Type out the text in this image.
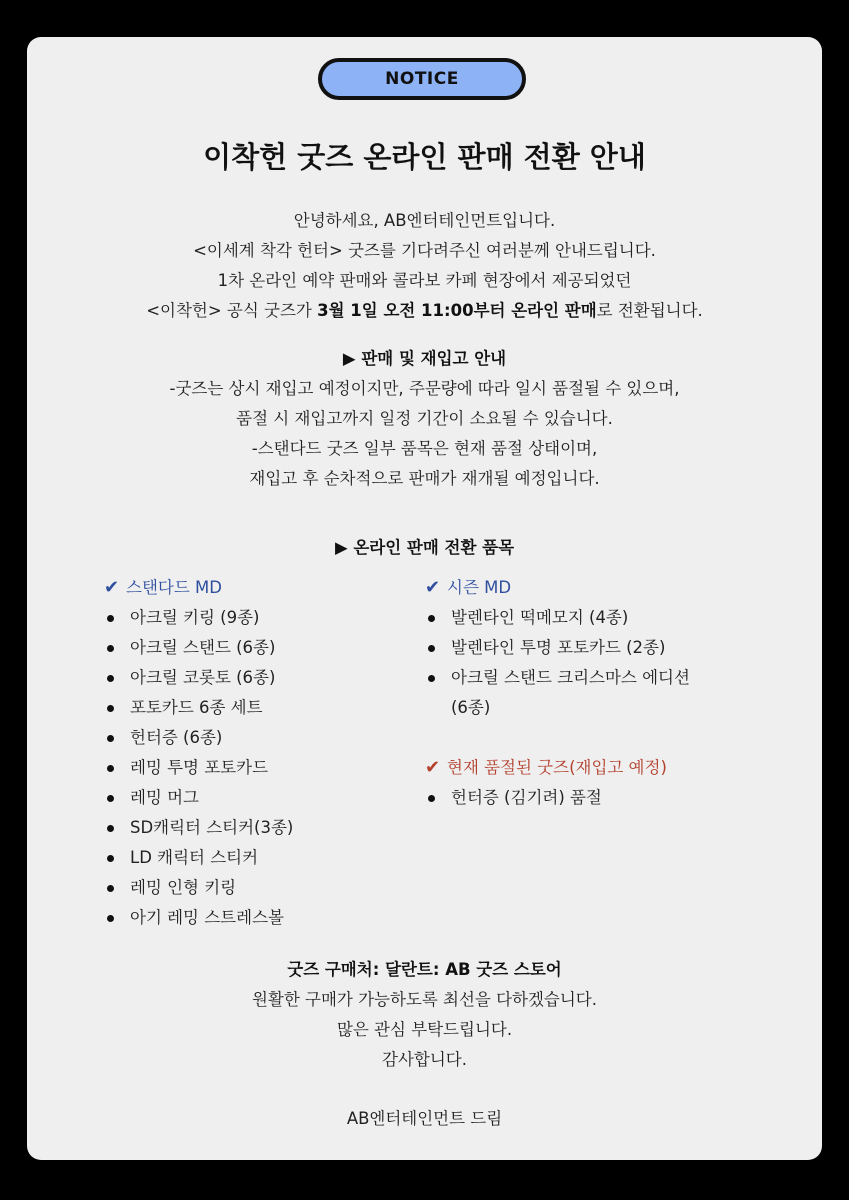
NOTICE
이착헌 굿즈 온라인 판매 전환 안내
안녕하세요, AB엔터테인먼트입니다.
<이세계 착각 헌터> 굿즈를 기다려주신 여러분께 안내드립니다.
1차 온라인 예약 판매와 콜라보 카페 현장에서 제공되었던
<이착헌> 공식 굿즈가 3월 1일 오전 11:00부터 온라인 판매로 전환됩니다.
▶ 판매 및 재입고 안내
-굿즈는 상시 재입고 예정이지만, 주문량에 따라 일시 품절될 수 있으며,
품절 시 재입고까지 일정 기간이 소요될 수 있습니다.
-스탠다드 굿즈 일부 품목은 현재 품절 상태이며,
재입고 후 순차적으로 판매가 재개될 예정입니다.
▶ 온라인 판매 전환 품목
✔ 스탠다드 MD
아크릴 키링 (9종)
아크릴 스탠드 (6종)
아크릴 코롯토 (6종)
포토카드 6종 세트
헌터증 (6종)
레밍 투명 포토카드
레밍 머그
SD캐릭터 스티커(3종)
LD 캐릭터 스티커
레밍 인형 키링
아기 레밍 스트레스볼
✔ 시즌 MD
발렌타인 떡메모지 (4종)
발렌타인 투명 포토카드 (2종)
아크릴 스탠드 크리스마스 에디션
(6종)
✔ 현재 품절된 굿즈(재입고 예정)
헌터증 (김기려) 품절
굿즈 구매처: 달란트: AB 굿즈 스토어
원활한 구매가 가능하도록 최선을 다하겠습니다.
많은 관심 부탁드립니다.
감사합니다.
AB엔터테인먼트 드림
